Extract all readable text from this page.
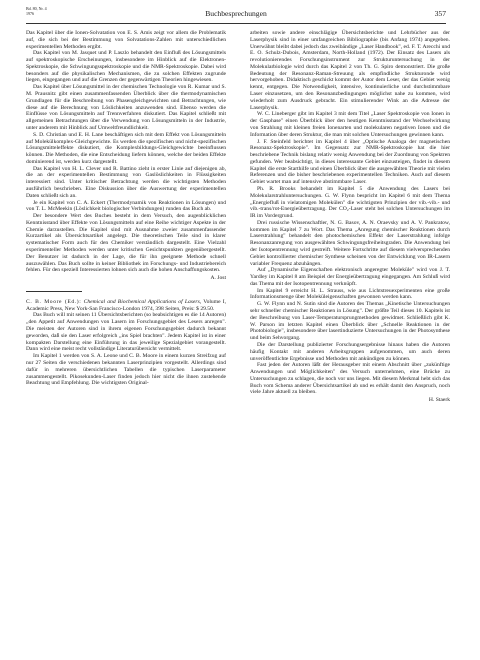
Bd. 80, Nr. 4
1976	Buchbesprechungen	357

Das Kapitel über die Ionen-Solvatation von E. S. Amis zeigt vor allem die Problematik auf, die sich bei der Bestimmung von Solvatations-Zahlen mit unterschiedlichen experimentellen Methoden ergibt.

Das Kapitel von M. Jasquet und P. Laszlo behandelt den Einfluß des Lösungsmittels auf spektroskopische Erscheinungen, insbesondere im Hinblick auf die Elektronen-Spektroskopie, die Schwingungsspektroskopie und die NMR-Spektroskopie. Dabei wird besonders auf die physikalischen Mechanismen, die zu solchen Effekten zugrunde liegen, eingegangen und auf die Grenzen der gegenwärtigen Theorien hingewiesen.

Das Kapitel über Lösungsmittel in der chemischen Technologie von R. Kumar und S. M. Prausnitz gibt einen zusammenfassenden Überblick über die thermodynamischen Grundlagen für die Beschreibung von Phasengleichgewichten und Betrachtungen, wie diese auf die Berechnung von Löslichkeiten anzuwenden sind. Ebenso werden die Einflüsse von Lösungsmitteln auf Trennverfahren diskutiert. Das Kapitel schließt mit allgemeinen Betrachtungen über die Verwendung von Lösungsmitteln in der Industrie, unter anderem mit Hinblick auf Umweltfreundlichkeit.

S. D. Christian und E. H. Lane beschäftigen sich mit dem Effekt von Lösungsmitteln auf Molekülkomplex-Gleichgewichte. Es werden die spezifischen und nicht-spezifischen Lösungsmitteleffekte diskutiert, die Komplexbildungs-Gleichgewichte beeinflussen können. Die Methoden, die eine Entscheidung liefern können, welche der beiden Effekte dominierend ist, werden kurz dargestellt.

Das Kapitel von H. L. Clever und R. Battino zieht in erster Linie auf diejenigen ab, die an der experimentellen Bestimmung von Gaslöslichkeiten in Flüssigkeiten interessiert sind. Unter kritischer Betrachtung werden die wichtigsten Methoden ausführlich beschrieben. Eine Diskussion über die Auswertung der experimentellen Daten schließt sich an.

Je ein Kapitel von C. A. Eckert (Thermodynamik von Reaktionen in Lösungen) und von T. L. McMeekin (Löslichkeit biologischer Verbindungen) runden das Buch ab.

Der besondere Wert des Buches besteht in dem Versuch, den augenblicklichen Kenntnisstand über Effekte von Lösungsmitteln auf eine Reihe wichtiger Aspekte in der Chemie darzustellen. Die Kapitel sind mit Ausnahme zweier zusammenfassender Kurzartikel als Übersichtsartikel angelegt. Die theoretischen Teile sind in klarer systematischer Form auch für den Chemiker verständlich dargestellt. Eine Vielzahl experimenteller Methoden werden unter kritischen Gesichtspunkten gegenübergestellt. Der Benutzer ist dadurch in der Lage, die für ihn geeignete Methode schnell auszuwählen. Das Buch sollte in keiner Bibliothek im Forschungs- und Industriebereich fehlen. Für den speziell Interessierten lohnen sich auch die hohen Anschaffungskosten.

A. Jost

C. B. Moore (Ed.): Chemical and Biochemical Applications of Lasers, Volume I, Academic Press, New York-San Francisco-London 1974, 398 Seiten, Preis: $ 29.50.

Das Buch will mit seinen 11 Übersichtsberichten (so beabsichtigen es die 14 Autoren) „den Appetit auf Anwendungen von Lasern im Forschungsgebiet des Lesers anregen". Die meisten der Autoren sind in ihrem eigenen Forschungsgebiet dadurch bekannt geworden, daß sie den Laser erfolgreich „ins Spiel brachten". Jedem Kapitel ist in einer kompakten Darstellung eine Einführung in das jeweilige Spezialgebiet vorangestellt. Dann wird eine meist recht vollständige Literaturübersicht vermittelt.

Im Kapitel 1 werden von S. A. Leone und C. B. Moore in einem kurzen Streifzug auf nur 27 Seiten die verschiedenen bekannten Laserprinzipien vorgestellt. Allerdings sind dafür in mehreren übersichtlichen Tabellen die typischen Laserparameter zusammengestellt. Pikosekunden-Laser finden jedoch hier nicht die ihnen zustehende Beachtung und Empfehlung. Die wichtigsten Original-

arbeiten sowie andere einschlägige Übersichtsberichte und Lehrbücher aus der Laserphysik sind in einer umfangreichen Bibliographie (bis Anfang 1974) angegeben. Unerwähnt bleibt dabei jedoch das zweibändige „Laser Handbook", ed. F. T. Arecchi und E. O. Schulz-Dubois, Amsterdam, North-Holland (1972). Der Einsatz des Lasers als revolutionierendes Forschungsinstrument zur Strukturuntersuchung in der Molekularbiologie wird durch das Kapitel 2 von Th. G. Spiro demonstriert. Die große Bedeutung der Resonanz-Raman-Streuung als empfindliche Strukturonde wird hervorgehoben. Didaktisch geschickt kommt der Autor dem Leser, der das Gebiet wenig kennt, entgegen. Die Notwendigkeit, intensive, kontinuierliche und durchstimmbare Laser einzusetzen, um den Resonanzbedingungen möglichst nahe zu kommen, wird wiederholt zum Ausdruck gebracht. Ein stimulierender Wink an die Adresse der Laserphysik.

W. C. Lineberger gibt im Kapitel 3 mit dem Titel „Laser Spektroskopie von Ionen in der Gasphase" einen Überblick über den heutigen Kenntnisstand der Wechselwirkung von Strahlung mit kleinen freien Ionenarten und molekularen negativen Ionen und die Information über deren Struktur, die man mit solchen Untersuchungen gewinnen kann.

J. F. Steinfeld berichtet im Kapitel 4 über „Optische Analoga der magnetischen Resonanz-Spektroskopie". Im Gegensatz zur NMR-Spektroskopie hat die hier beschriebene Technik bislang relativ wenig Anwendung bei der Zuordnung von Spektren gefunden. Wer beabsichtigt, in dieses interessante Gebiet einzusteigen, findet in diesem Kapitel die erste Starthilfe und einen Überblick über die ausgewählten Theorie mit vielen Referenzen und die bisher beschriebenen experimentellen Techniken. Auch auf diesem Gebiet wartet man auf intensive abstimmbare Laser.

Ph. R. Brooks behandelt im Kapitel 5 die Anwendung des Lasers bei Molekularstrahluntersuchungen. G. W. Flynn bespricht im Kapitel 6 mit dem Thema „Energiefluß in vielatomigen Molekülen" die wichtigsten Prinzipien der vib.-vib.- und vib.-trans/rot-Energieübertragung. Der CO₂-Laser steht bei solchen Untersuchungen im IR im Vordergrund.

Drei russische Wissenschaftler, N. G. Basov, A. N. Oraevsky und A. V. Pankratow, kommen im Kapitel 7 zu Wort. Das Thema „Anregung chemischer Reaktionen durch Laserstrahlung" behandelt den photochemischen Effekt der Laserstrahlung infolge Resonanzanregung von ausgewählten Schwingungsfreiheitsgraden. Die Anwendung bei der Isotopentrennung wird gestreift. Weitere Fortschritte auf diesem vielversprechenden Gebiet kontrollierter chemischer Synthese scheinen von der Entwicklung von IR-Lasern variabler Frequenz abzuhängen.

Auf „Dynamische Eigenschaften elektronisch angeregter Moleküle" wird von J. T. Yardley im Kapitel 8 am Beispiel der Energieübertragung eingegangen. Am Schluß wird das Thema mit der Isotopentrennung verknüpft.

Im Kapitel 9 erreicht H. L. Strauss, wie aus Lichtstreuexperimenten eine große Informationsmenge über Moleküleigenschaften gewonnen werden kann.

G. W. Flynn und N. Sutin sind die Autoren des Themas „Kinetische Untersuchungen sehr schneller chemischer Reaktionen in Lösung". Der größte Teil dieses 10. Kapitels ist der Beschreibung von Laser-Temperatursprungmethoden gewidmet. Schließlich gibt K. W. Parson im letzten Kapitel einen Überblick über „Schnelle Reaktionen in der Photobiologie", insbesondere über lasertinduzierte Untersuchungen in der Photosynthese und beim Sehvorgang.

Die der Darstellung publizierter Forschungsergebnisse hinaus haben die Autoren häufig Kontakt mit anderen Arbeitsgruppen aufgenommen, um auch deren unveröffentlichte Ergebnisse und Methoden mit ankündigen zu können.

Fast jeden der Autoren läßt der Herausgeber mit einem Abschnitt über „zukünftige Anwendungen und Möglichkeiten" des Versuch unternehmen, eine Brücke zu Untersuchungen zu schlagen, die noch vor uns liegen. Mit diesem Merkmal hebt sich das Buch vom Schema anderer Übersichtsartikel ab und es erhält damit den Anspruch, noch viele Jahre aktuell zu bleiben.

H. Staerk
